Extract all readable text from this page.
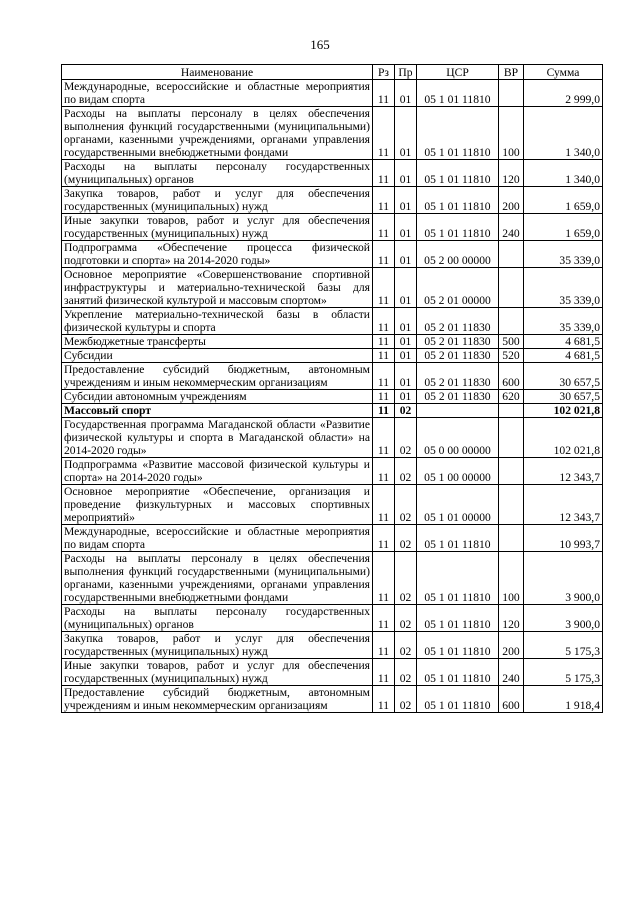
165
Наименование	Рз	Пр	ЦСР	ВР	Сумма
Международные, всероссийские и областные мероприятия по видам спорта	11	01	05 1 01 11810		2 999,0
Расходы на выплаты персоналу в целях обеспечения выполнения функций государственными (муниципальными) органами, казенными учреждениями, органами управления государственными внебюджетными фондами	11	01	05 1 01 11810	100	1 340,0
Расходы на выплаты персоналу государственных (муниципальных) органов	11	01	05 1 01 11810	120	1 340,0
Закупка товаров, работ и услуг для обеспечения государственных (муниципальных) нужд	11	01	05 1 01 11810	200	1 659,0
Иные закупки товаров, работ и услуг для обеспечения государственных (муниципальных) нужд	11	01	05 1 01 11810	240	1 659,0
Подпрограмма «Обеспечение процесса физической подготовки и спорта» на 2014-2020 годы»	11	01	05 2 00 00000		35 339,0
Основное мероприятие «Совершенствование спортивной инфраструктуры и материально-технической базы для занятий физической культурой и массовым спортом»	11	01	05 2 01 00000		35 339,0
Укрепление материально-технической базы в области физической культуры и спорта	11	01	05 2 01 11830		35 339,0
Межбюджетные трансферты	11	01	05 2 01 11830	500	4 681,5
Субсидии	11	01	05 2 01 11830	520	4 681,5
Предоставление субсидий бюджетным, автономным учреждениям и иным некоммерческим организациям	11	01	05 2 01 11830	600	30 657,5
Субсидии автономным учреждениям	11	01	05 2 01 11830	620	30 657,5
Массовый спорт	11	02			102 021,8
Государственная программа Магаданской области «Развитие физической культуры и спорта в Магаданской области» на 2014-2020 годы»	11	02	05 0 00 00000		102 021,8
Подпрограмма «Развитие массовой физической культуры и спорта» на 2014-2020 годы»	11	02	05 1 00 00000		12 343,7
Основное мероприятие «Обеспечение, организация и проведение физкультурных и массовых спортивных мероприятий»	11	02	05 1 01 00000		12 343,7
Международные, всероссийские и областные мероприятия по видам спорта	11	02	05 1 01 11810		10 993,7
Расходы на выплаты персоналу в целях обеспечения выполнения функций государственными (муниципальными) органами, казенными учреждениями, органами управления государственными внебюджетными фондами	11	02	05 1 01 11810	100	3 900,0
Расходы на выплаты персоналу государственных (муниципальных) органов	11	02	05 1 01 11810	120	3 900,0
Закупка товаров, работ и услуг для обеспечения государственных (муниципальных) нужд	11	02	05 1 01 11810	200	5 175,3
Иные закупки товаров, работ и услуг для обеспечения государственных (муниципальных) нужд	11	02	05 1 01 11810	240	5 175,3
Предоставление субсидий бюджетным, автономным учреждениям и иным некоммерческим организациям	11	02	05 1 01 11810	600	1 918,4
